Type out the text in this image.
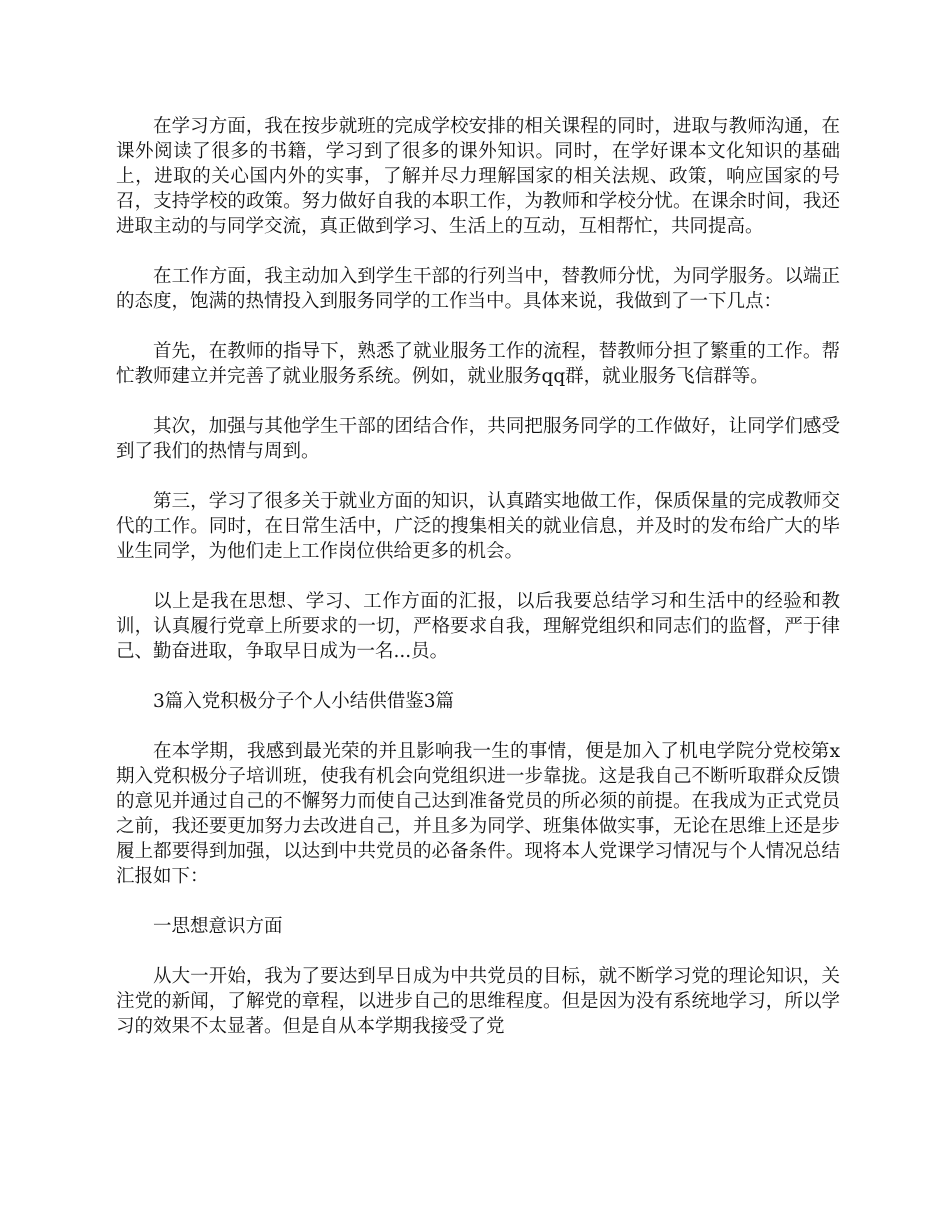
在学习方面，我在按步就班的完成学校安排的相关课程的同时，进取与教师沟通，在课外阅读了很多的书籍，学习到了很多的课外知识。同时，在学好课本文化知识的基础上，进取的关心国内外的实事，了解并尽力理解国家的相关法规、政策，响应国家的号召，支持学校的政策。努力做好自我的本职工作，为教师和学校分忧。在课余时间，我还进取主动的与同学交流，真正做到学习、生活上的互动，互相帮忙，共同提高。

在工作方面，我主动加入到学生干部的行列当中，替教师分忧，为同学服务。以端正的态度，饱满的热情投入到服务同学的工作当中。具体来说，我做到了一下几点：

首先，在教师的指导下，熟悉了就业服务工作的流程，替教师分担了繁重的工作。帮忙教师建立并完善了就业服务系统。例如，就业服务qq群，就业服务飞信群等。

其次，加强与其他学生干部的团结合作，共同把服务同学的工作做好，让同学们感受到了我们的热情与周到。

第三，学习了很多关于就业方面的知识，认真踏实地做工作，保质保量的完成教师交代的工作。同时，在日常生活中，广泛的搜集相关的就业信息，并及时的发布给广大的毕业生同学，为他们走上工作岗位供给更多的机会。

以上是我在思想、学习、工作方面的汇报，以后我要总结学习和生活中的经验和教训，认真履行党章上所要求的一切，严格要求自我，理解党组织和同志们的监督，严于律己、勤奋进取，争取早日成为一名...员。

3篇入党积极分子个人小结供借鉴3篇

在本学期，我感到最光荣的并且影响我一生的事情，便是加入了机电学院分党校第x期入党积极分子培训班，使我有机会向党组织进一步靠拢。这是我自己不断听取群众反馈的意见并通过自己的不懈努力而使自己达到准备党员的所必须的前提。在我成为正式党员之前，我还要更加努力去改进自己，并且多为同学、班集体做实事，无论在思维上还是步履上都要得到加强，以达到中共党员的必备条件。现将本人党课学习情况与个人情况总结汇报如下：

一思想意识方面

从大一开始，我为了要达到早日成为中共党员的目标，就不断学习党的理论知识，关注党的新闻，了解党的章程，以进步自己的思维程度。但是因为没有系统地学习，所以学习的效果不太显著。但是自从本学期我接受了党
